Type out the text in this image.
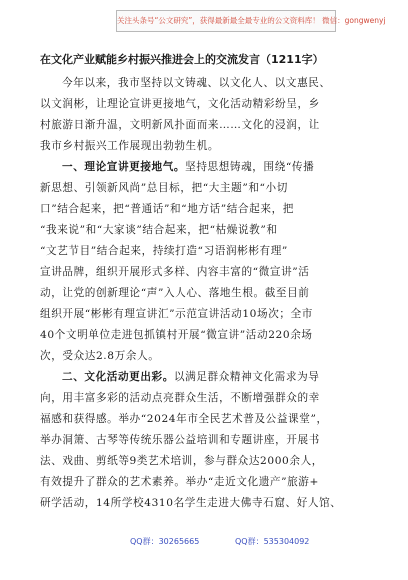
关注头条号“公文研究”，获得最新最全最专业的公文资料库！ 微信：gongwenyj
在文化产业赋能乡村振兴推进会上的交流发言（1211字）
今年以来，我市坚持以文铸魂、以文化人、以文惠民、
以文润彬，让理论宣讲更接地气，文化活动精彩纷呈，乡
村旅游日渐升温，文明新风扑面而来……文化的浸润，让
我市乡村振兴工作展现出勃勃生机。
一、理论宣讲更接地气。坚持思想铸魂，围绕“传播
新思想、引领新风尚”总目标，把“大主题”和“小切
口”结合起来，把“普通话”和“地方话”结合起来，把
“我来说”和“大家谈”结合起来，把“枯燥说教”和
“文艺节目”结合起来，持续打造“习语润彬彬有理”
宣讲品牌，组织开展形式多样、内容丰富的“微宣讲”活
动，让党的创新理论“声”入人心、落地生根。截至目前
组织开展“彬彬有理宣讲汇”示范宣讲活动10场次；全市
40个文明单位走进包抓镇村开展“微宣讲”活动220余场
次，受众达2.8万余人。
二、文化活动更出彩。以满足群众精神文化需求为导
向，用丰富多彩的活动点亮群众生活，不断增强群众的幸
福感和获得感。举办“2024年市全民艺术普及公益课堂”，
举办洞箫、古琴等传统乐器公益培训和专题讲座，开展书
法、戏曲、剪纸等9类艺术培训，参与群众达2000余人，
有效提升了群众的艺术素养。举办“走近文化遗产”旅游+
研学活动，14所学校4310名学生走进大佛寺石窟、好人馆、
QQ群：30265665	QQ群：535304092
